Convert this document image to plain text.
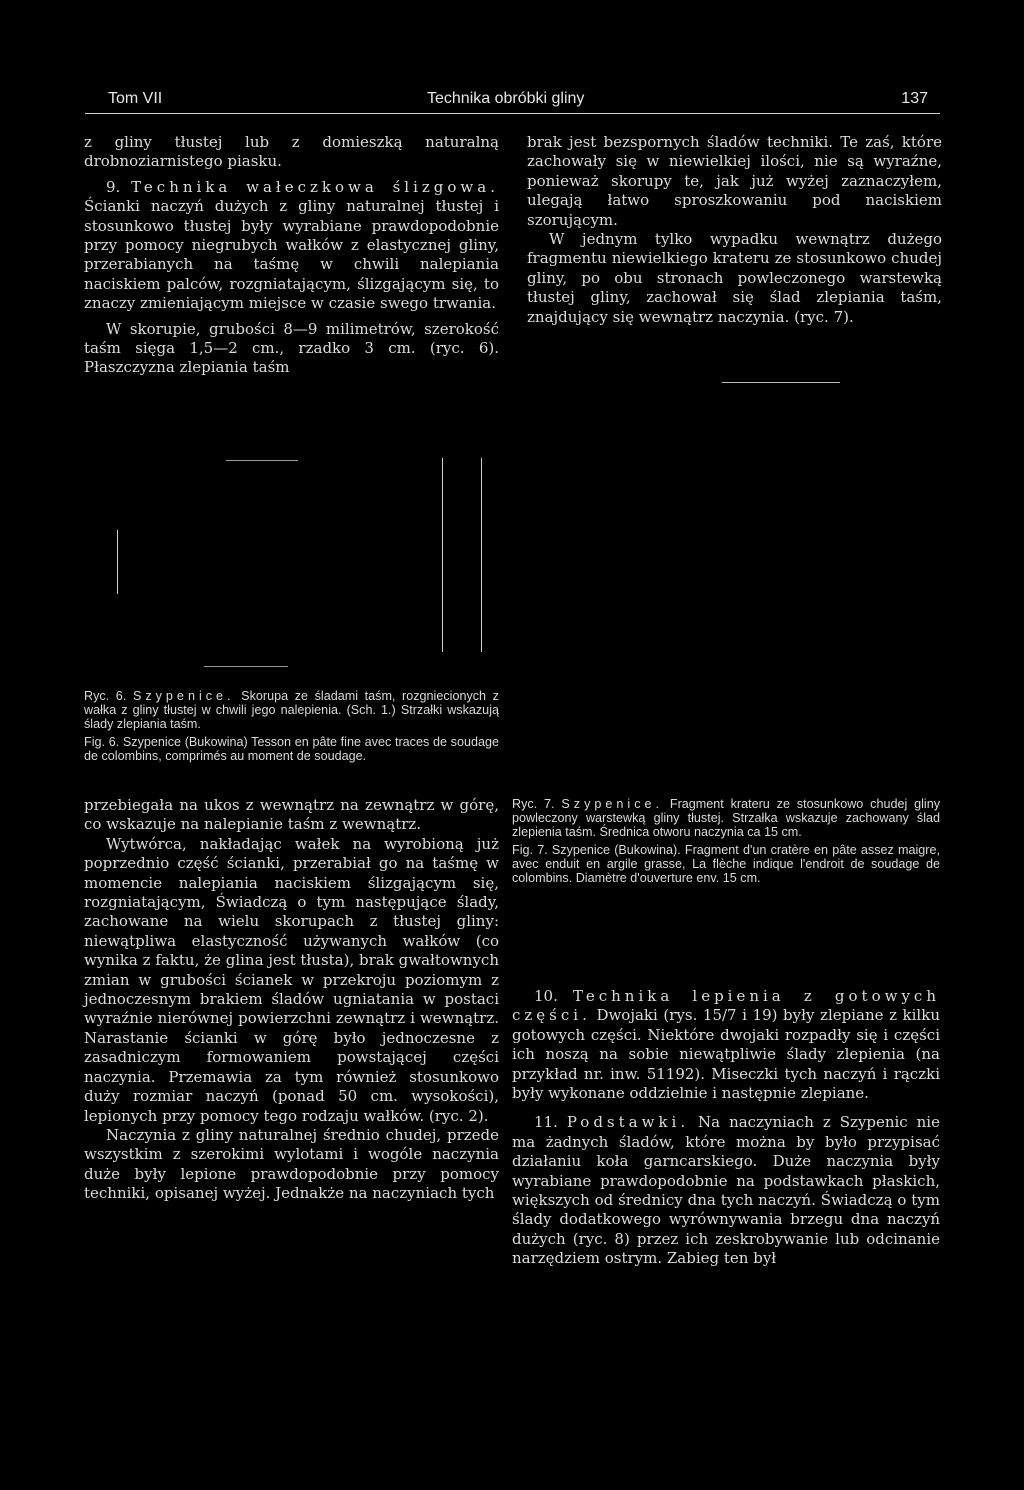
Tom VII	Technika obróbki gliny	137

z gliny tłustej lub z domieszką naturalną drobnoziarnistego piasku.

9. Technika wałeczkowa ślizgowa. Ścianki naczyń dużych z gliny naturalnej tłustej i stosunkowo tłustej były wyrabiane prawdopodobnie przy pomocy niegrubych wałków z elastycznej gliny, przerabianych na taśmę w chwili nalepiania naciskiem palców, rozgniatającym, ślizgającym się, to znaczy zmieniającym miejsce w czasie swego trwania.

W skorupie, grubości 8—9 milimetrów, szerokość taśm sięga 1,5—2 cm., rzadko 3 cm. (ryc. 6). Płaszczyzna zlepiania taśm

brak jest bezspornych śladów techniki. Te zaś, które zachowały się w niewielkiej ilości, nie są wyraźne, ponieważ skorupy te, jak już wyżej zaznaczyłem, ulegają łatwo sproszkowaniu pod naciskiem szorującym.

W jednym tylko wypadku wewnątrz dużego fragmentu niewielkiego krateru ze stosunkowo chudej gliny, po obu stronach powleczonego warstewką tłustej gliny, zachował się ślad zlepiania taśm, znajdujący się wewnątrz naczynia. (ryc. 7).

Ryc. 6. Szypenice. Skorupa ze śladami taśm, rozgniecionych z wałka z gliny tłustej w chwili jego nalepienia. (Sch. 1.) Strzałki wskazują ślady zlepiania taśm.

Fig. 6. Szypenice (Bukowina) Tesson en pâte fine avec traces de soudage de colombins, comprimés au moment de soudage.

przebiegała na ukos z wewnątrz na zewnątrz w górę, co wskazuje na nalepianie taśm z wewnątrz.

Wytwórca, nakładając wałek na wyrobioną już poprzednio część ścianki, przerabiał go na taśmę w momencie nalepiania naciskiem ślizgającym się, rozgniatającym, Świadczą o tym następujące ślady, zachowane na wielu skorupach z tłustej gliny: niewątpliwa elastyczność używanych wałków (co wynika z faktu, że glina jest tłusta), brak gwałtownych zmian w grubości ścianek w przekroju poziomym z jednoczesnym brakiem śladów ugniatania w postaci wyraźnie nierównej powierzchni zewnątrz i wewnątrz. Narastanie ścianki w górę było jednoczesne z zasadniczym formowaniem powstającej części naczynia. Przemawia za tym również stosunkowo duży rozmiar naczyń (ponad 50 cm. wysokości), lepionych przy pomocy tego rodzaju wałków. (ryc. 2).

Naczynia z gliny naturalnej średnio chudej, przede wszystkim z szerokimi wylotami i wogóle naczynia duże były lepione prawdopodobnie przy pomocy techniki, opisanej wyżej. Jednakże na naczyniach tych

Ryc. 7. Szypenice. Fragment krateru ze stosunkowo chudej gliny powleczony warstewką gliny tłustej. Strzałka wskazuje zachowany ślad zlepienia taśm. Średnica otworu naczynia ca 15 cm.

Fig. 7. Szypenice (Bukowina). Fragment d'un cratère en pâte assez maigre, avec enduit en argile grasse, La flèche indique l'endroit de soudage de colombins. Diamètre d'ouverture env. 15 cm.

10. Technika lepienia z gotowych części. Dwojaki (rys. 15/7 i 19) były zlepiane z kilku gotowych części. Niektóre dwojaki rozpadły się i części ich noszą na sobie niewątpliwie ślady zlepienia (na przykład nr. inw. 51192). Miseczki tych naczyń i rączki były wykonane oddzielnie i następnie zlepiane.

11. Podstawki. Na naczyniach z Szypenic nie ma żadnych śladów, które można by było przypisać działaniu koła garncarskiego. Duże naczynia były wyrabiane prawdopodobnie na podstawkach płaskich, większych od średnicy dna tych naczyń. Świadczą o tym ślady dodatkowego wyrównywania brzegu dna naczyń dużych (ryc. 8) przez ich zeskrobywanie lub odcinanie narzędziem ostrym. Zabieg ten był
